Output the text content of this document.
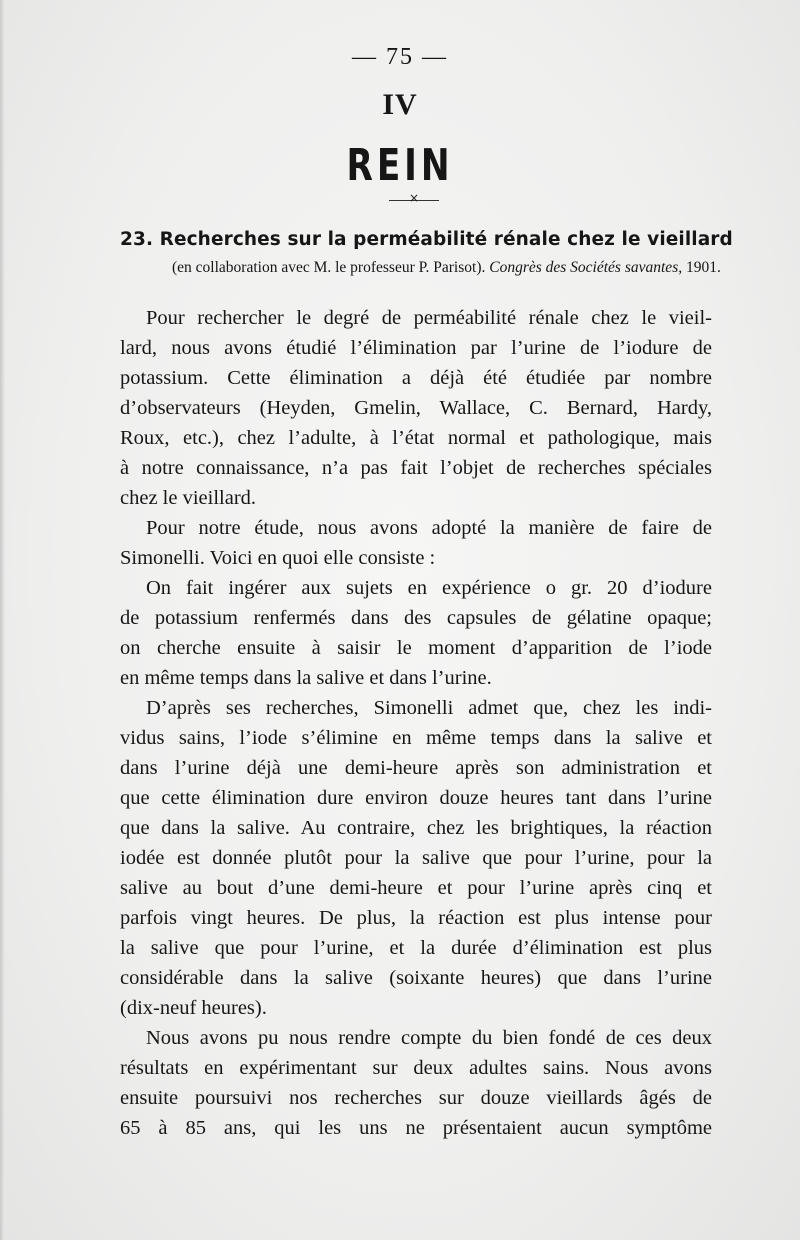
— 75 —
IV
REIN
×
23. Recherches sur la perméabilité rénale chez le vieillard
(en collaboration avec M. le professeur P. Parisot). Congrès des Sociétés savantes, 1901.
Pour rechercher le degré de perméabilité rénale chez le vieil-
lard, nous avons étudié l’élimination par l’urine de l’iodure de
potassium. Cette élimination a déjà été étudiée par nombre
d’observateurs (Heyden, Gmelin, Wallace, C. Bernard, Hardy,
Roux, etc.), chez l’adulte, à l’état normal et pathologique, mais
à notre connaissance, n’a pas fait l’objet de recherches spéciales
chez le vieillard.
Pour notre étude, nous avons adopté la manière de faire de
Simonelli. Voici en quoi elle consiste :
On fait ingérer aux sujets en expérience o gr. 20 d’iodure
de potassium renfermés dans des capsules de gélatine opaque;
on cherche ensuite à saisir le moment d’apparition de l’iode
en même temps dans la salive et dans l’urine.
D’après ses recherches, Simonelli admet que, chez les indi-
vidus sains, l’iode s’élimine en même temps dans la salive et
dans l’urine déjà une demi-heure après son administration et
que cette élimination dure environ douze heures tant dans l’urine
que dans la salive. Au contraire, chez les brightiques, la réaction
iodée est donnée plutôt pour la salive que pour l’urine, pour la
salive au bout d’une demi-heure et pour l’urine après cinq et
parfois vingt heures. De plus, la réaction est plus intense pour
la salive que pour l’urine, et la durée d’élimination est plus
considérable dans la salive (soixante heures) que dans l’urine
(dix-neuf heures).
Nous avons pu nous rendre compte du bien fondé de ces deux
résultats en expérimentant sur deux adultes sains. Nous avons
ensuite poursuivi nos recherches sur douze vieillards âgés de
65 à 85 ans, qui les uns ne présentaient aucun symptôme
